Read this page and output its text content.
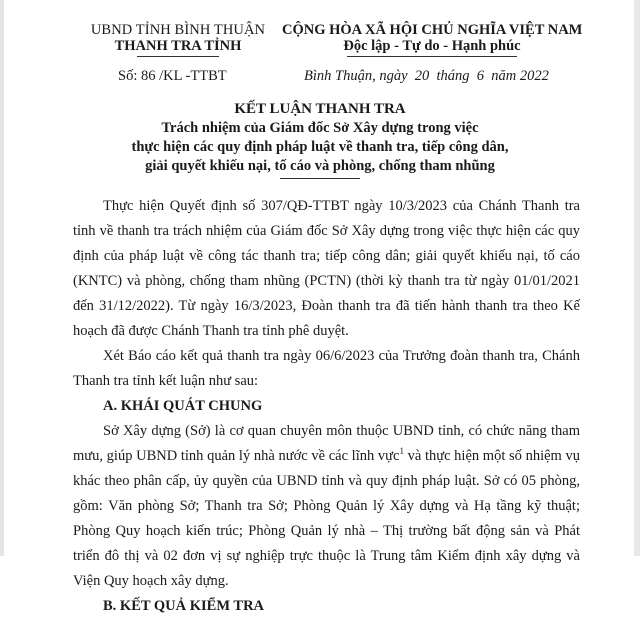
UBND TỈNH BÌNH THUẬN
THANH TRA TỈNH
Số: 86 /KL -TTBT
CỘNG HÒA XÃ HỘI CHỦ NGHĨA VIỆT NAM
Độc lập - Tự do - Hạnh phúc
Bình Thuận, ngày  20  tháng  6  năm 2022
KẾT LUẬN THANH TRA
Trách nhiệm của Giám đốc Sở Xây dựng trong việc
thực hiện các quy định pháp luật về thanh tra, tiếp công dân,
giải quyết khiếu nại, tố cáo và phòng, chống tham nhũng

Thực hiện Quyết định số 307/QĐ-TTBT ngày 10/3/2023 của Chánh Thanh tra tỉnh về thanh tra trách nhiệm của Giám đốc Sở Xây dựng trong việc thực hiện các quy định của pháp luật về công tác thanh tra; tiếp công dân; giải quyết khiếu nại, tố cáo (KNTC) và phòng, chống tham nhũng (PCTN) (thời kỳ thanh tra từ ngày 01/01/2021 đến 31/12/2022). Từ ngày 16/3/2023, Đoàn thanh tra đã tiến hành thanh tra theo Kế hoạch đã được Chánh Thanh tra tỉnh phê duyệt.

Xét Báo cáo kết quả thanh tra ngày 06/6/2023 của Trưởng đoàn thanh tra, Chánh Thanh tra tỉnh kết luận như sau:

A. KHÁI QUÁT CHUNG

Sở Xây dựng (Sở) là cơ quan chuyên môn thuộc UBND tỉnh, có chức năng tham mưu, giúp UBND tỉnh quản lý nhà nước về các lĩnh vực$^1$ và thực hiện một số nhiệm vụ khác theo phân cấp, ủy quyền của UBND tỉnh và quy định pháp luật. Sở có 05 phòng, gồm: Văn phòng Sở; Thanh tra Sở; Phòng Quản lý Xây dựng và Hạ tầng kỹ thuật; Phòng Quy hoạch kiến trúc; Phòng Quản lý nhà – Thị trường bất động sản và Phát triển đô thị và 02 đơn vị sự nghiệp trực thuộc là Trung tâm Kiểm định xây dựng và Viện Quy hoạch xây dựng.

B. KẾT QUẢ KIỂM TRA
